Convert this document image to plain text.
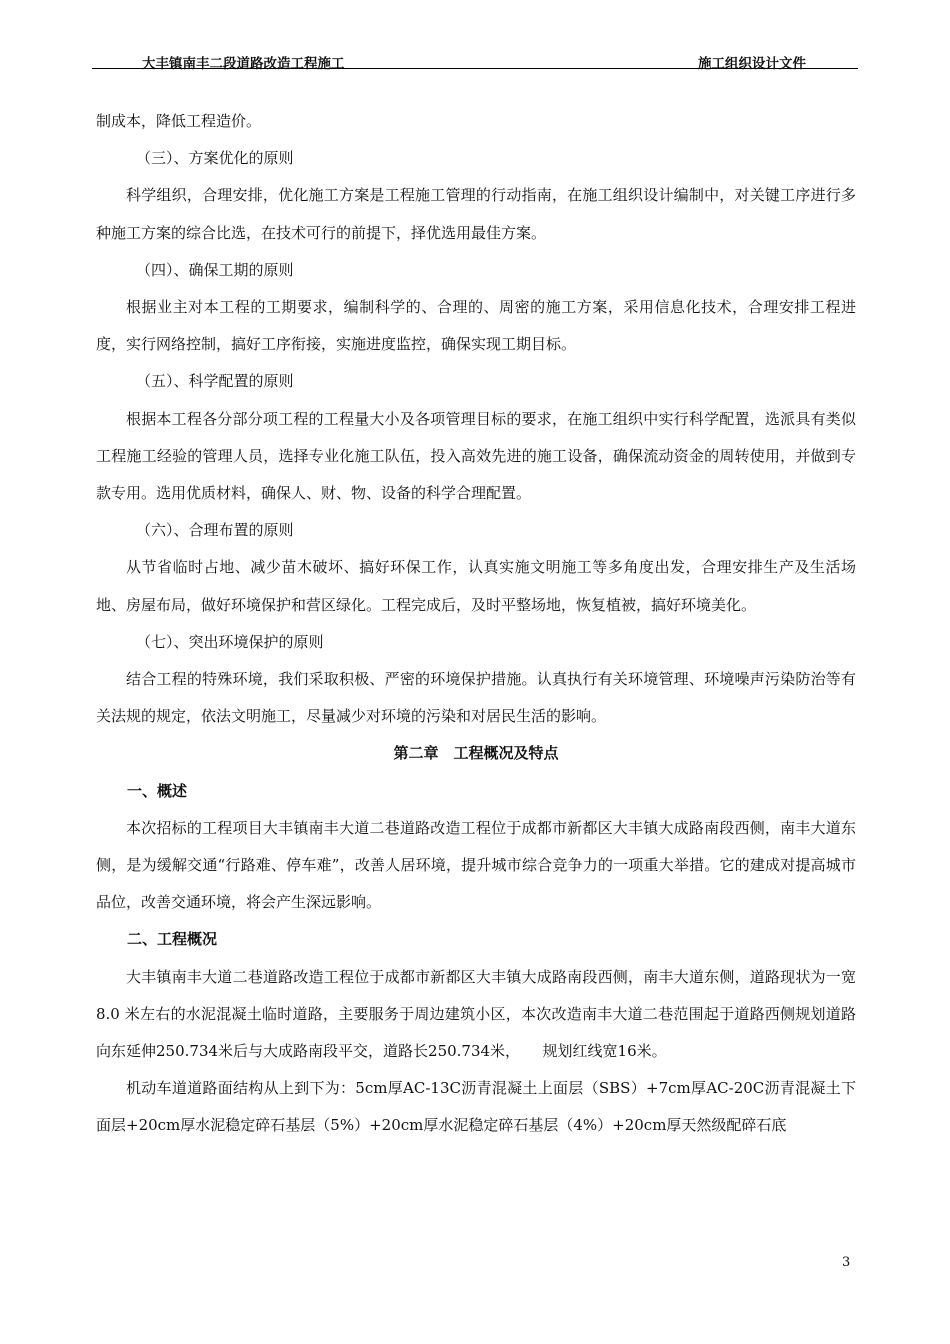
大丰镇南丰二段道路改造工程施工	施工组织设计文件

制成本，降低工程造价。

（三）、方案优化的原则

科学组织，合理安排，优化施工方案是工程施工管理的行动指南，在施工组织设计编制中，对关键工序进行多种施工方案的综合比选，在技术可行的前提下，择优选用最佳方案。

（四）、确保工期的原则

根据业主对本工程的工期要求，编制科学的、合理的、周密的施工方案，采用信息化技术，合理安排工程进度，实行网络控制，搞好工序衔接，实施进度监控，确保实现工期目标。

（五）、科学配置的原则

根据本工程各分部分项工程的工程量大小及各项管理目标的要求，在施工组织中实行科学配置，选派具有类似工程施工经验的管理人员，选择专业化施工队伍，投入高效先进的施工设备，确保流动资金的周转使用，并做到专款专用。选用优质材料，确保人、财、物、设备的科学合理配置。

（六）、合理布置的原则

从节省临时占地、减少苗木破坏、搞好环保工作，认真实施文明施工等多角度出发，合理安排生产及生活场地、房屋布局，做好环境保护和营区绿化。工程完成后，及时平整场地，恢复植被，搞好环境美化。

（七）、突出环境保护的原则

结合工程的特殊环境，我们采取积极、严密的环境保护措施。认真执行有关环境管理、环境噪声污染防治等有关法规的规定，依法文明施工，尽量减少对环境的污染和对居民生活的影响。

第二章　工程概况及特点

一、概述

本次招标的工程项目大丰镇南丰大道二巷道路改造工程位于成都市新都区大丰镇大成路南段西侧，南丰大道东侧，是为缓解交通“行路难、停车难”，改善人居环境，提升城市综合竞争力的一项重大举措。它的建成对提高城市品位，改善交通环境，将会产生深远影响。

二、工程概况

大丰镇南丰大道二巷道路改造工程位于成都市新都区大丰镇大成路南段西侧，南丰大道东侧，道路现状为一宽 8.0 米左右的水泥混凝土临时道路，主要服务于周边建筑小区，本次改造南丰大道二巷范围起于道路西侧规划道路向东延伸250.734米后与大成路南段平交，道路长250.734米，　　规划红线宽16米。

机动车道道路面结构从上到下为：5cm厚AC-13C沥青混凝土上面层（SBS）+7cm厚AC-20C沥青混凝土下面层+20cm厚水泥稳定碎石基层（5%）+20cm厚水泥稳定碎石基层（4%）+20cm厚天然级配碎石底

3
